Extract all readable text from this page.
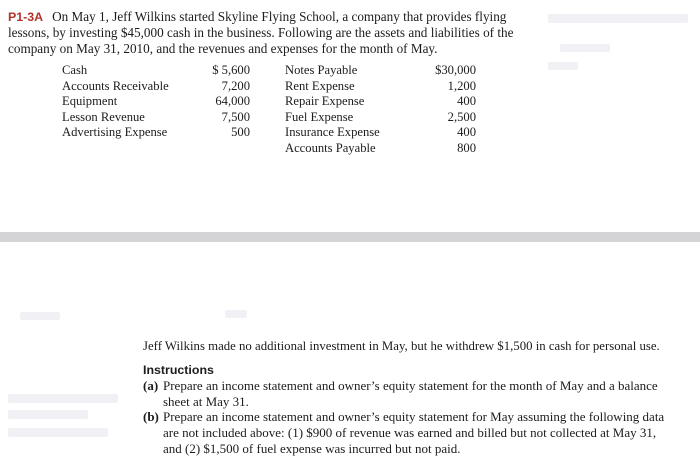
P1-3A On May 1, Jeff Wilkins started Skyline Flying School, a company that provides flying lessons, by investing $45,000 cash in the business. Following are the assets and liabilities of the company on May 31, 2010, and the revenues and expenses for the month of May.
Cash	$ 5,600
Accounts Receivable	7,200
Equipment	64,000
Lesson Revenue	7,500
Advertising Expense	500
Notes Payable	$30,000
Rent Expense	1,200
Repair Expense	400
Fuel Expense	2,500
Insurance Expense	400
Accounts Payable	800
Jeff Wilkins made no additional investment in May, but he withdrew $1,500 in cash for personal use.
Instructions
(a) Prepare an income statement and owner’s equity statement for the month of May and a balance sheet at May 31.
(b) Prepare an income statement and owner’s equity statement for May assuming the following data are not included above: (1) $900 of revenue was earned and billed but not collected at May 31, and (2) $1,500 of fuel expense was incurred but not paid.
